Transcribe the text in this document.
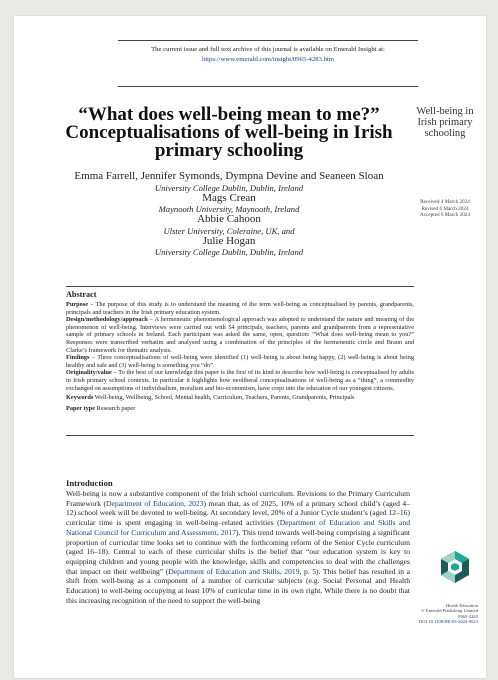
The current issue and full text archive of this journal is available on Emerald Insight at:
https://www.emerald.com/insight/0965-4283.htm
“What does well-being mean to me?” Conceptualisations of well-being in Irish primary schooling
Well-being in Irish primary schooling
Received 4 March 2024
Revised 6 March 2024
Accepted 6 March 2024
Emma Farrell, Jennifer Symonds, Dympna Devine and Seaneen Sloan
University College Dublin, Dublin, Ireland
Mags Crean
Maynooth University, Maynooth, Ireland
Abbie Cahoon
Ulster University, Coleraine, UK, and
Julie Hogan
University College Dublin, Dublin, Ireland
Abstract

Purpose – The purpose of this study is to understand the meaning of the term well-being as conceptualised by parents, grandparents, principals and teachers in the Irish primary education system.

Design/methodology/approach – A hermeneutic phenomenological approach was adopted to understand the nature and meaning of the phenomenon of well-being. Interviews were carried out with 54 principals, teachers, parents and grandparents from a representative sample of primary schools in Ireland. Each participant was asked the same, open, question: “What does well-being mean to you?” Responses were transcribed verbatim and analysed using a combination of the principles of the hermeneutic circle and Braun and Clarke’s framework for thematic analysis.

Findings – Three conceptualisations of well-being were identified (1) well-being is about being happy, (2) well-being is about being healthy and safe and (3) well-being is something you “do”.

Originality/value – To the best of our knowledge this paper is the first of its kind to describe how well-being is conceptualised by adults in Irish primary school contexts. In particular it highlights how neoliberal conceptualisations of well-being as a “thing”, a commodity exchanged on assumptions of individualism, moralism and bio-economism, have crept into the education of our youngest citizens.

Keywords Well-being, Wellbeing, School, Mental health, Curriculum, Teachers, Parents, Grandparents, Principals

Paper type Research paper

Introduction

Well-being is now a substantive component of the Irish school curriculum. Revisions to the Primary Curriculum Framework (Department of Education, 2023) mean that, as of 2025, 10% of a primary school child’s (aged 4–12) school week will be devoted to well-being. At secondary level, 20% of a Junior Cycle student’s (aged 12–16) curricular time is spent engaging in well-being–related activities (Department of Education and Skills and National Council for Curriculum and Assessment, 2017). This trend towards well-being comprising a significant proportion of curricular time looks set to continue with the forthcoming reform of the Senior Cycle curriculum (aged 16–18). Central to each of these curricular shifts is the belief that “our education system is key to equipping children and young people with the knowledge, skills and competencies to deal with the challenges that impact on their wellbeing” (Department of Education and Skills, 2019, p. 5). This belief has resulted in a shift from well-being as a component of a number of curricular subjects (e.g. Social Personal and Health Education) to well-being occupying at least 10% of curricular time in its own right. While there is no doubt that this increasing recognition of the need to support the well-being

Health Education
© Emerald Publishing Limited
0965-4283
DOI 10.1108/HE-03-2024-0023
